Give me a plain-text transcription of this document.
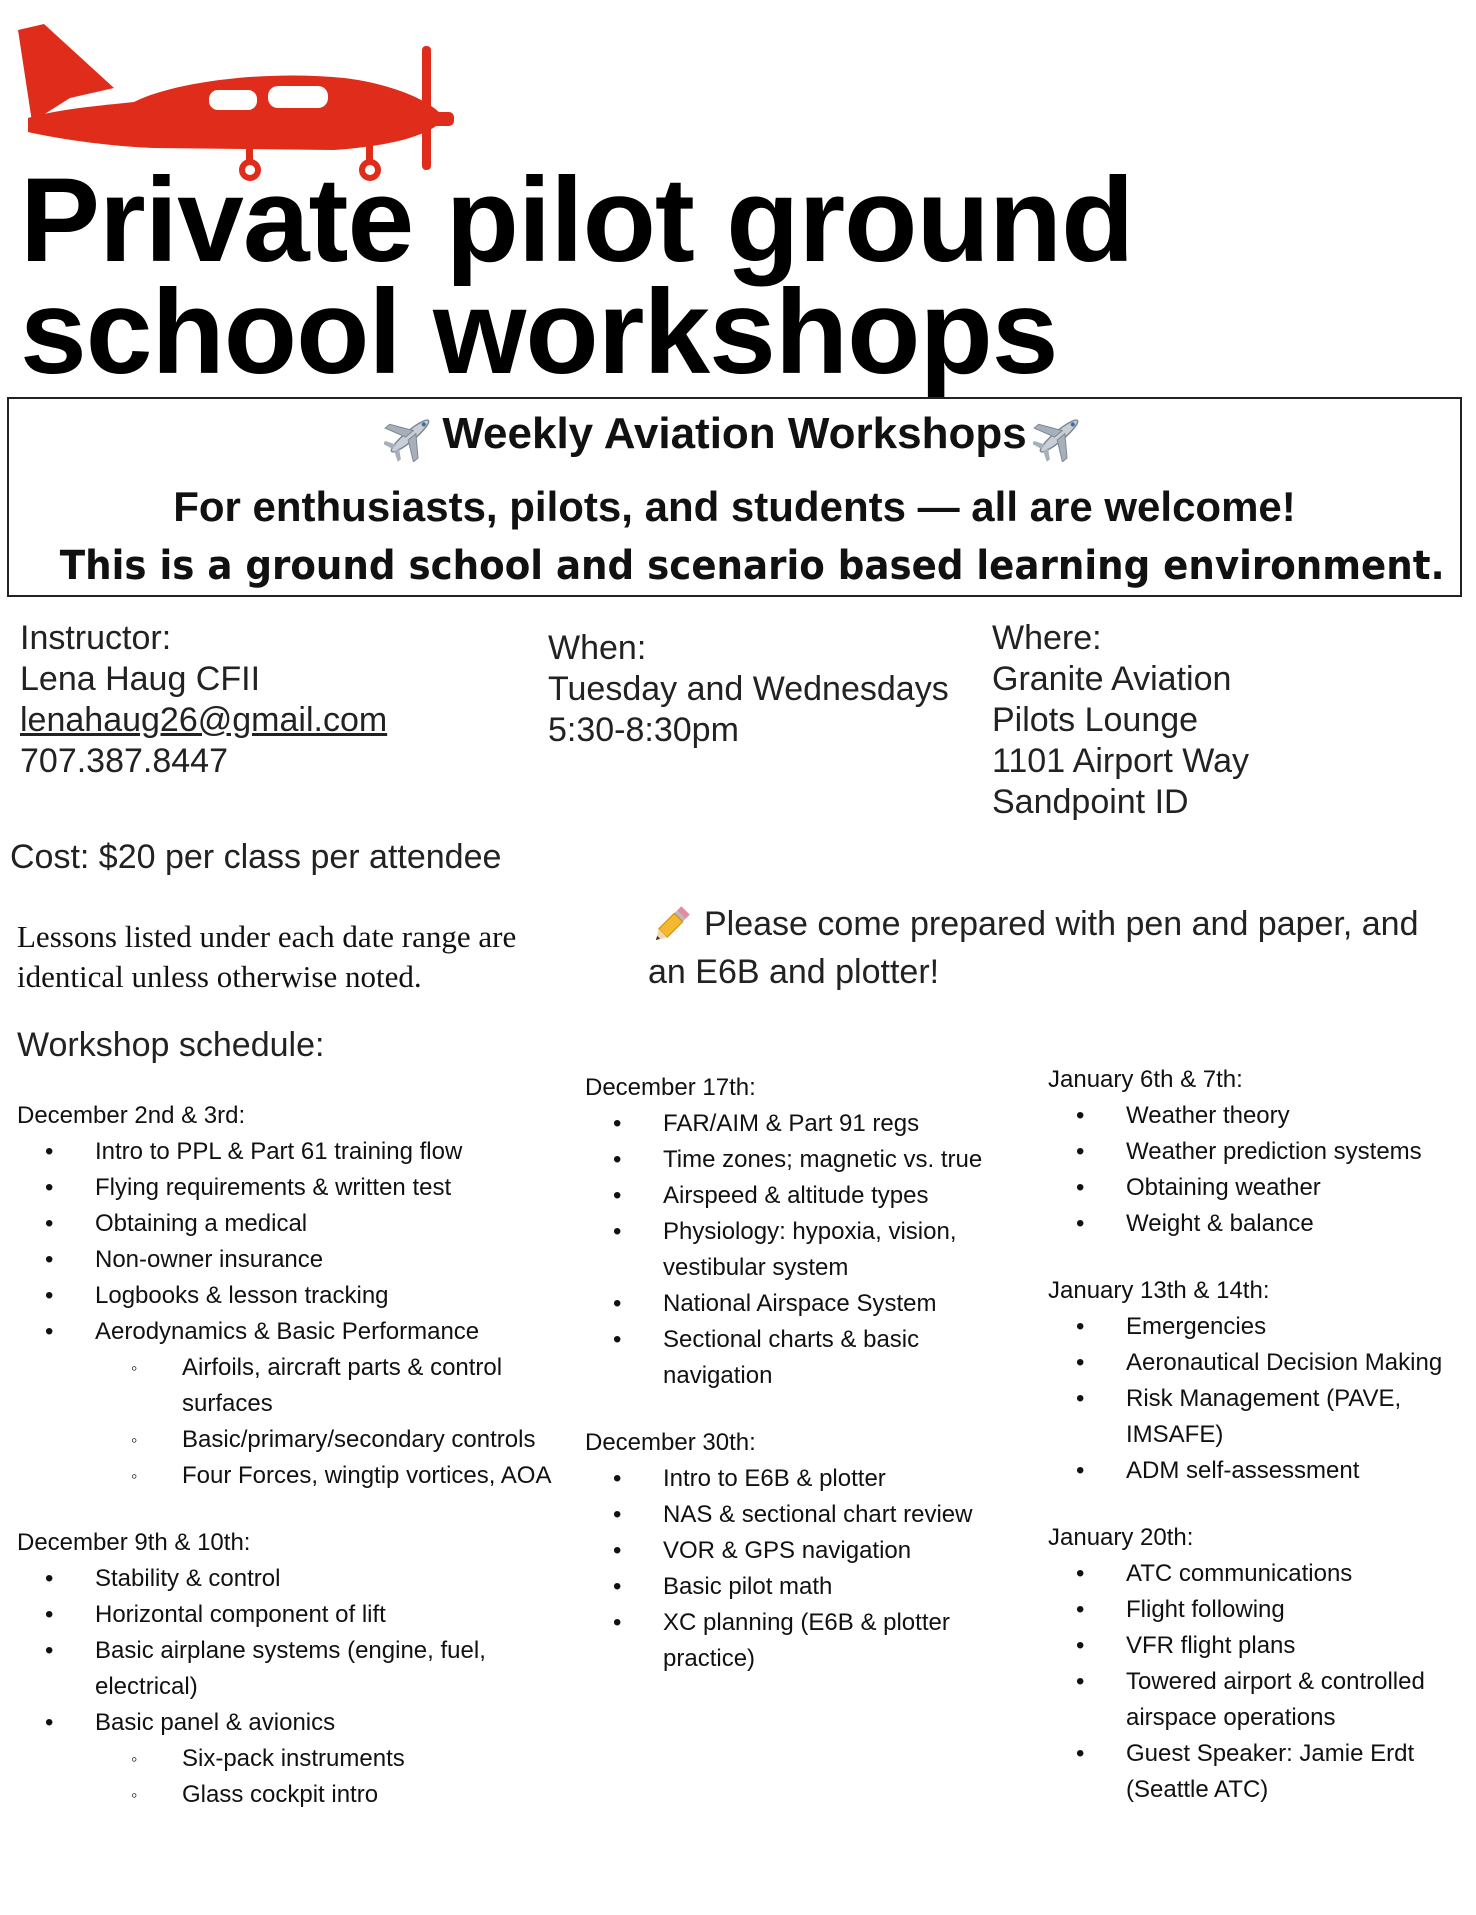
Private pilot ground
school workshops
Weekly Aviation Workshops
For enthusiasts, pilots, and students — all are welcome!
This is a ground school and scenario based learning environment.
Instructor:
Lena Haug CFII
lenahaug26@gmail.com
707.387.8447
When:
Tuesday and Wednesdays
5:30-8:30pm
Where:
Granite Aviation
Pilots Lounge
1101 Airport Way
Sandpoint ID
Cost: $20 per class per attendee
Lessons listed under each date range are
identical unless otherwise noted.
Please come prepared with pen and paper, and
an E6B and plotter!
Workshop schedule:
December 2nd & 3rd:
• Intro to PPL & Part 61 training flow
• Flying requirements & written test
• Obtaining a medical
• Non-owner insurance
• Logbooks & lesson tracking
• Aerodynamics & Basic Performance
◦ Airfoils, aircraft parts & control surfaces
◦ Basic/primary/secondary controls
◦ Four Forces, wingtip vortices, AOA
December 9th & 10th:
• Stability & control
• Horizontal component of lift
• Basic airplane systems (engine, fuel, electrical)
• Basic panel & avionics
◦ Six-pack instruments
◦ Glass cockpit intro
December 17th:
• FAR/AIM & Part 91 regs
• Time zones; magnetic vs. true
• Airspeed & altitude types
• Physiology: hypoxia, vision, vestibular system
• National Airspace System
• Sectional charts & basic navigation
December 30th:
• Intro to E6B & plotter
• NAS & sectional chart review
• VOR & GPS navigation
• Basic pilot math
• XC planning (E6B & plotter practice)
January 6th & 7th:
• Weather theory
• Weather prediction systems
• Obtaining weather
• Weight & balance
January 13th & 14th:
• Emergencies
• Aeronautical Decision Making
• Risk Management (PAVE, IMSAFE)
• ADM self-assessment
January 20th:
• ATC communications
• Flight following
• VFR flight plans
• Towered airport & controlled airspace operations
• Guest Speaker: Jamie Erdt (Seattle ATC)
